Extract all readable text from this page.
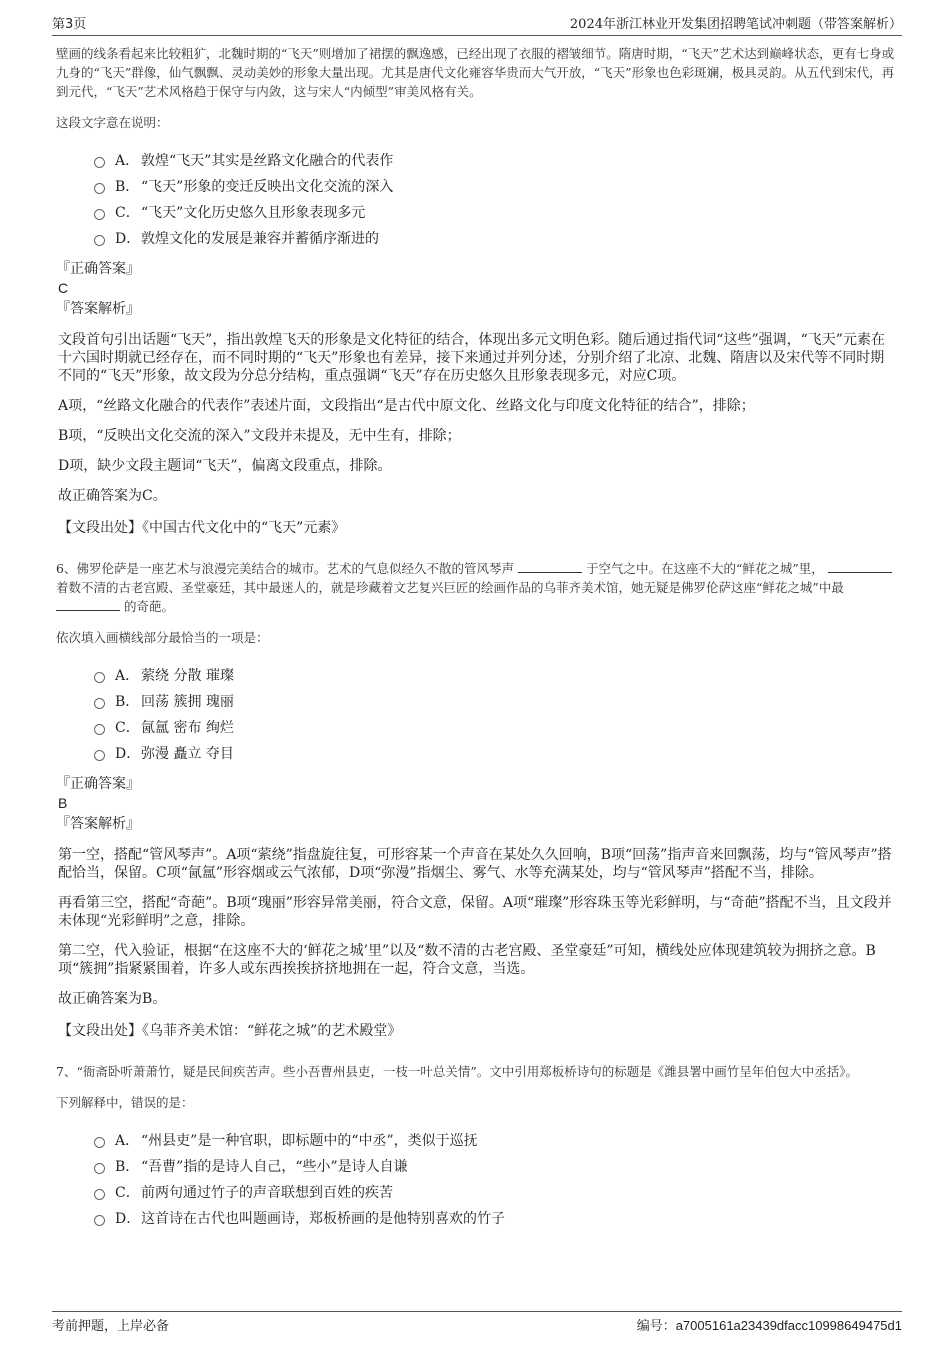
第3页	2024年浙江林业开发集团招聘笔试冲刺题（带答案解析）

壁画的线条看起来比较粗犷，北魏时期的“飞天”则增加了裙摆的飘逸感，已经出现了衣服的褶皱细节。隋唐时期，“飞天”艺术达到巅峰状态，更有七身或九身的“飞天”群像，仙气飘飘、灵动美妙的形象大量出现。尤其是唐代文化雍容华贵而大气开放，“飞天”形象也色彩斑斓，极具灵韵。从五代到宋代，再到元代，“飞天”艺术风格趋于保守与内敛，这与宋人“内倾型”审美风格有关。

这段文字意在说明：

A． 敦煌“飞天”其实是丝路文化融合的代表作
B． “飞天”形象的变迁反映出文化交流的深入
C． “飞天”文化历史悠久且形象表现多元
D． 敦煌文化的发展是兼容并蓄循序渐进的

『正确答案』

C

『答案解析』

文段首句引出话题“飞天”，指出敦煌飞天的形象是文化特征的结合，体现出多元文明色彩。随后通过指代词“这些”强调，“飞天”元素在十六国时期就已经存在，而不同时期的“飞天”形象也有差异，接下来通过并列分述，分别介绍了北凉、北魏、隋唐以及宋代等不同时期不同的“飞天”形象，故文段为分总分结构，重点强调“飞天”存在历史悠久且形象表现多元，对应C项。

A项，“丝路文化融合的代表作”表述片面，文段指出“是古代中原文化、丝路文化与印度文化特征的结合”，排除；

B项，“反映出文化交流的深入”文段并未提及，无中生有，排除；

D项，缺少文段主题词“飞天”，偏离文段重点，排除。

故正确答案为C。

【文段出处】《中国古代文化中的“飞天”元素》

6、佛罗伦萨是一座艺术与浪漫完美结合的城市。艺术的气息似经久不散的管风琴声	于空气之中。在这座不大的“鲜花之城”里，  着数不清的古老宫殿、圣堂豪廷，其中最迷人的，就是珍藏着文艺复兴巨匠的绘画作品的乌菲齐美术馆，她无疑是佛罗伦萨这座“鲜花之城”中最  的奇葩。

依次填入画横线部分最恰当的一项是：

A． 萦绕 分散 璀璨
B． 回荡 簇拥 瑰丽
C． 氤氲 密布 绚烂
D． 弥漫 矗立 夺目

『正确答案』

B

『答案解析』

第一空，搭配“管风琴声”。A项“萦绕”指盘旋往复，可形容某一个声音在某处久久回响，B项“回荡”指声音来回飘荡，均与“管风琴声”搭配恰当，保留。C项“氤氲”形容烟或云气浓郁，D项“弥漫”指烟尘、雾气、水等充满某处，均与“管风琴声”搭配不当，排除。

再看第三空，搭配“奇葩”。B项“瑰丽”形容异常美丽，符合文意，保留。A项“璀璨”形容珠玉等光彩鲜明，与“奇葩”搭配不当，且文段并未体现“光彩鲜明”之意，排除。

第二空，代入验证，根据“在这座不大的‘鲜花之城’里”以及“数不清的古老宫殿、圣堂豪廷”可知，横线处应体现建筑较为拥挤之意。B项“簇拥”指紧紧围着，许多人或东西挨挨挤挤地拥在一起，符合文意，当选。

故正确答案为B。

【文段出处】《乌菲齐美术馆：“鲜花之城”的艺术殿堂》

7、“衙斋卧听萧萧竹，疑是民间疾苦声。些小吾曹州县吏，一枝一叶总关情”。文中引用郑板桥诗句的标题是《潍县署中画竹呈年伯包大中丞括》。

下列解释中，错误的是：

A． “州县吏”是一种官职，即标题中的“中丞”，类似于巡抚
B． “吾曹”指的是诗人自己，“些小”是诗人自谦
C． 前两句通过竹子的声音联想到百姓的疾苦
D． 这首诗在古代也叫题画诗，郑板桥画的是他特别喜欢的竹子
考前押题，上岸必备	编号：a7005161a23439dfacc10998649475d1
